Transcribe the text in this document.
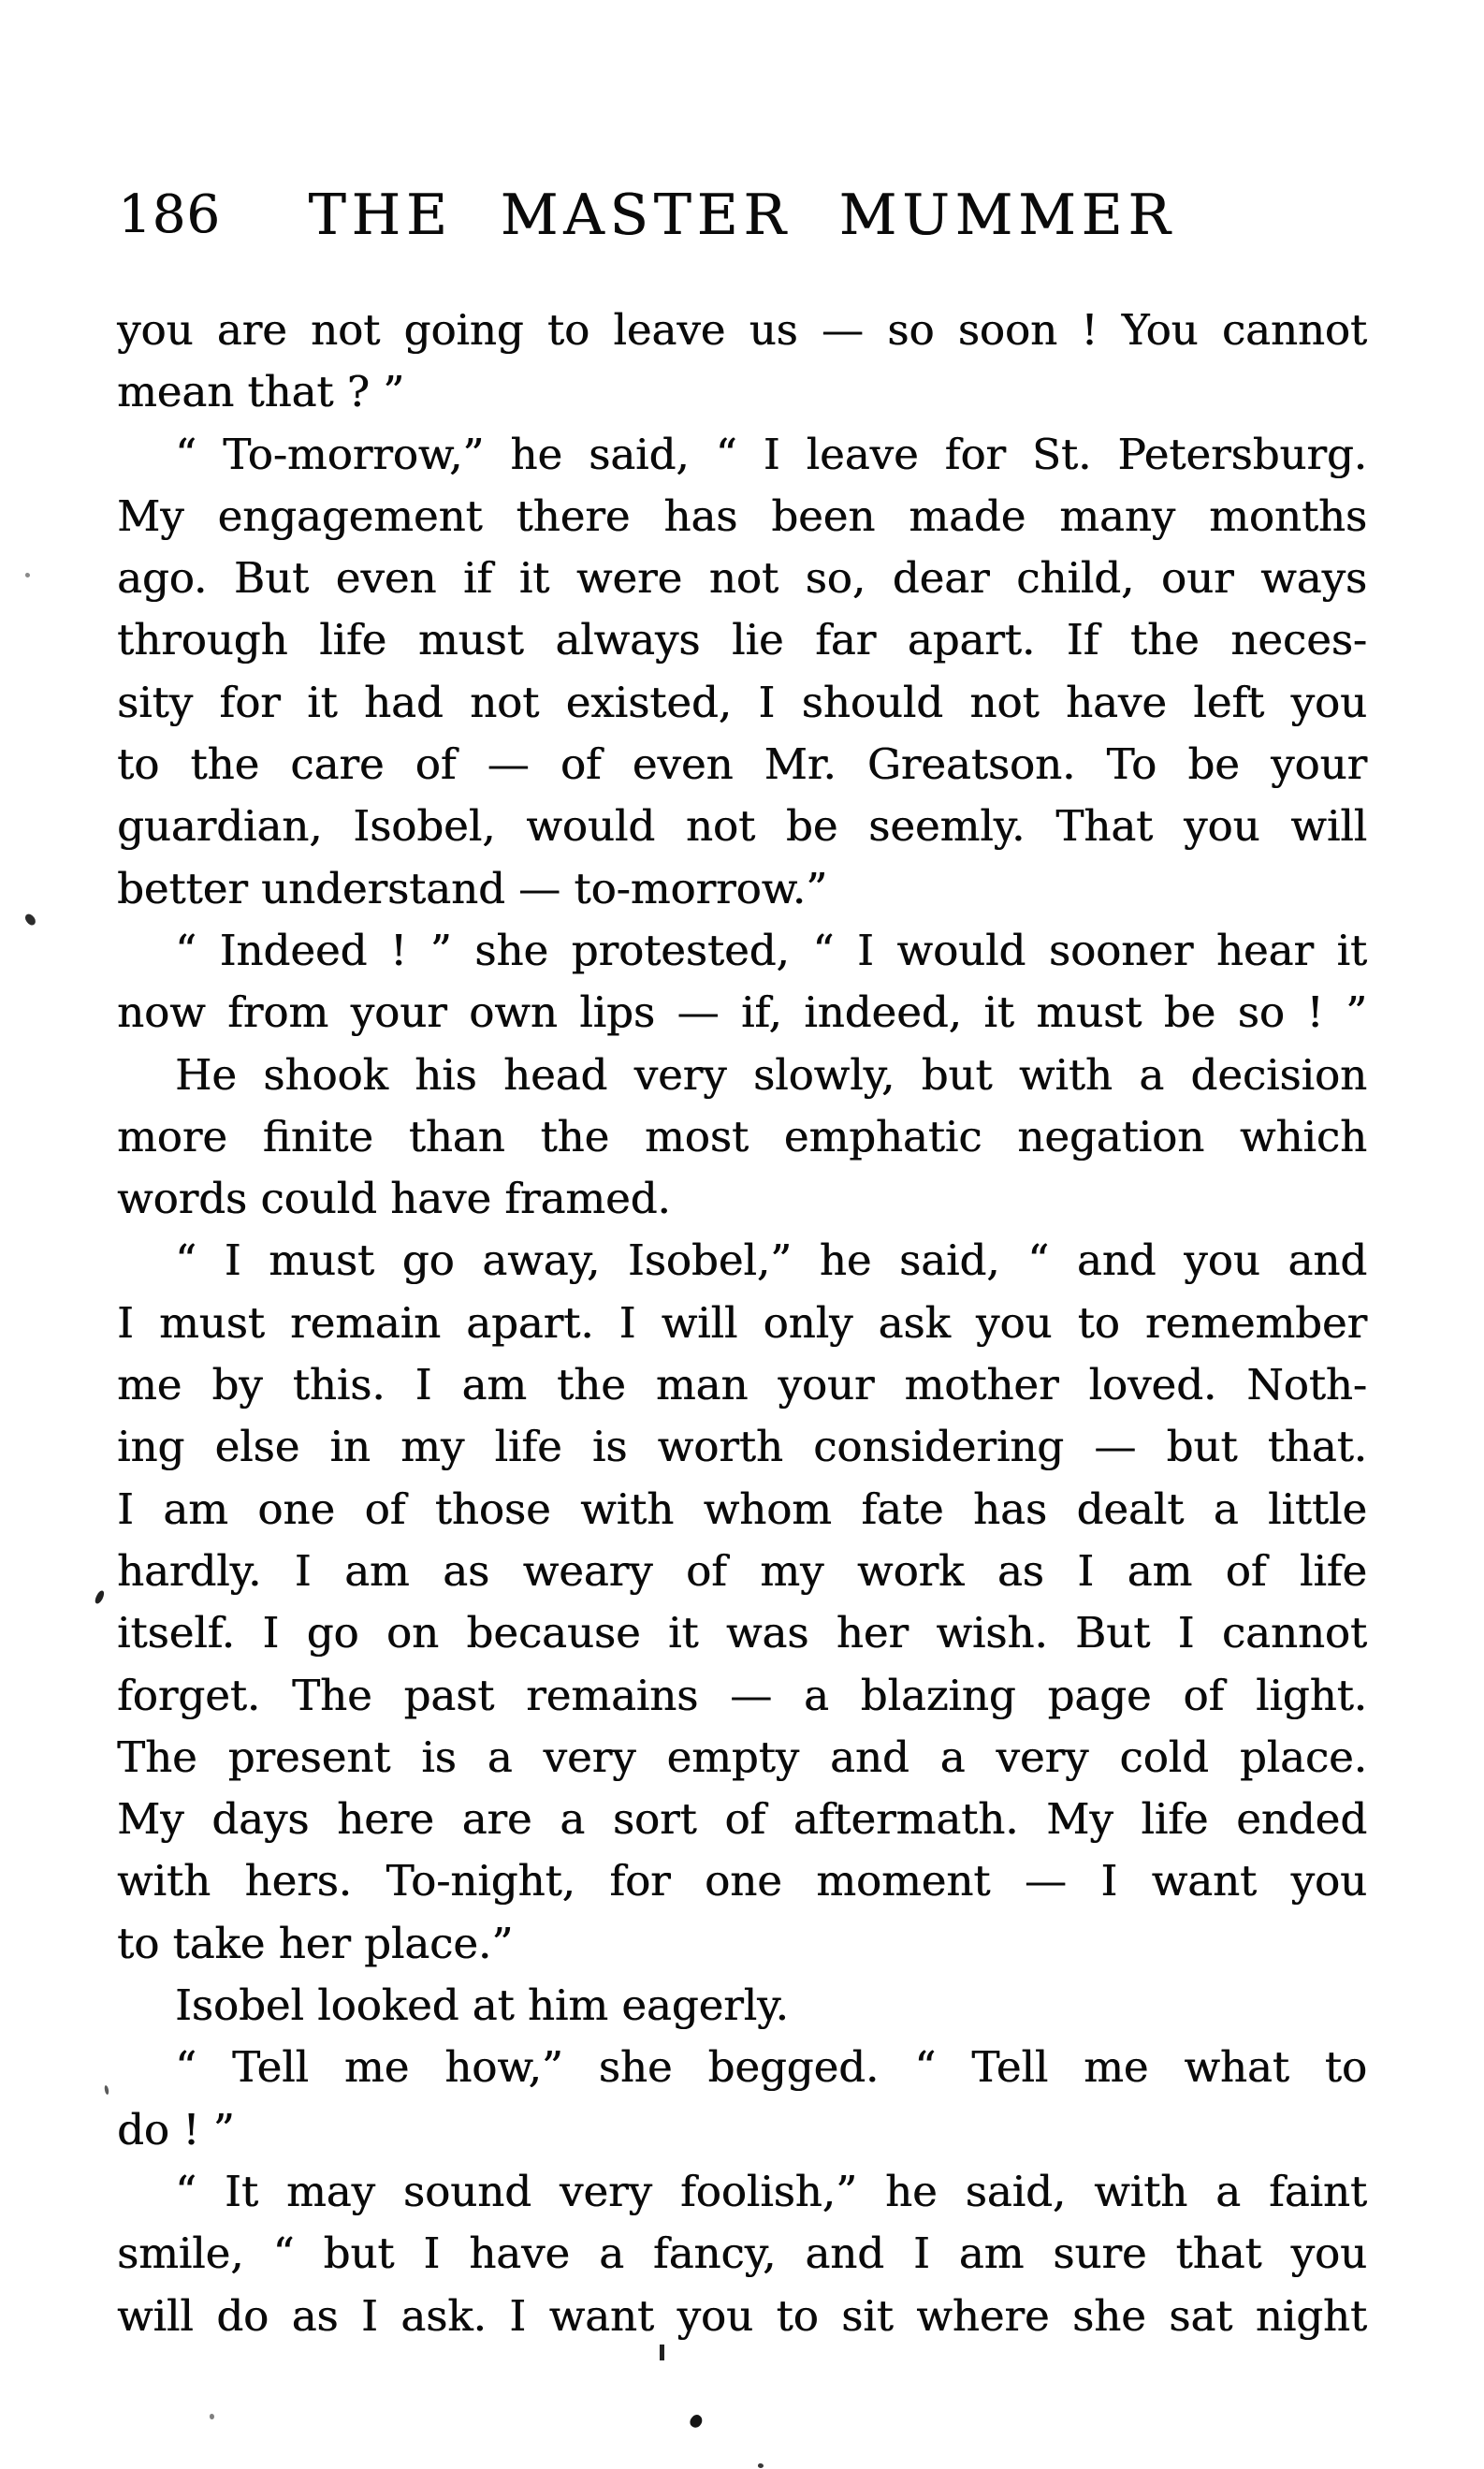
186	THE MASTER MUMMER
you are not going to leave us — so soon ! You cannot
mean that ? ”
“ To-morrow,” he said, “ I leave for St. Petersburg.
My engagement there has been made many months
ago. But even if it were not so, dear child, our ways
through life must always lie far apart. If the neces-
sity for it had not existed, I should not have left you
to the care of — of even Mr. Greatson. To be your
guardian, Isobel, would not be seemly. That you will
better understand — to-morrow.”
“ Indeed ! ” she protested, “ I would sooner hear it
now from your own lips — if, indeed, it must be so ! ”
He shook his head very slowly, but with a decision
more finite than the most emphatic negation which
words could have framed.
“ I must go away, Isobel,” he said, “ and you and
I must remain apart. I will only ask you to remember
me by this. I am the man your mother loved. Noth-
ing else in my life is worth considering — but that.
I am one of those with whom fate has dealt a little
hardly. I am as weary of my work as I am of life
itself. I go on because it was her wish. But I cannot
forget. The past remains — a blazing page of light.
The present is a very empty and a very cold place.
My days here are a sort of aftermath. My life ended
with hers. To-night, for one moment — I want you
to take her place.”
Isobel looked at him eagerly.
“ Tell me how,” she begged. “ Tell me what to
do ! ”
“ It may sound very foolish,” he said, with a faint
smile, “ but I have a fancy, and I am sure that you
will do as I ask. I want you to sit where she sat night
